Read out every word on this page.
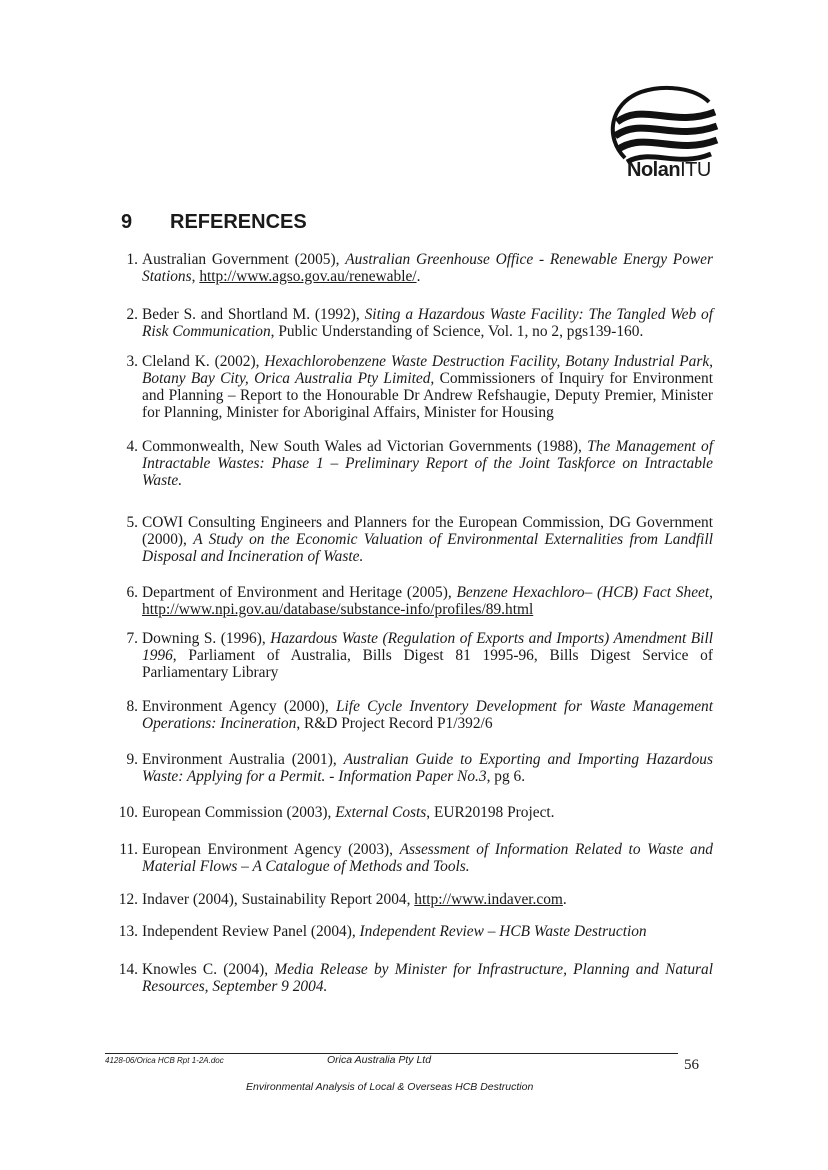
NolanITU
9 REFERENCES
1. Australian Government (2005), Australian Greenhouse Office - Renewable Energy Power Stations, http://www.agso.gov.au/renewable/.
2. Beder S. and Shortland M. (1992), Siting a Hazardous Waste Facility: The Tangled Web of Risk Communication, Public Understanding of Science, Vol. 1, no 2, pgs139-160.
3. Cleland K. (2002), Hexachlorobenzene Waste Destruction Facility, Botany Industrial Park, Botany Bay City, Orica Australia Pty Limited, Commissioners of Inquiry for Environment and Planning – Report to the Honourable Dr Andrew Refshaugie, Deputy Premier, Minister for Planning, Minister for Aboriginal Affairs, Minister for Housing
4. Commonwealth, New South Wales ad Victorian Governments (1988), The Management of Intractable Wastes: Phase 1 – Preliminary Report of the Joint Taskforce on Intractable Waste.
5. COWI Consulting Engineers and Planners for the European Commission, DG Government (2000), A Study on the Economic Valuation of Environmental Externalities from Landfill Disposal and Incineration of Waste.
6. Department of Environment and Heritage (2005), Benzene Hexachloro– (HCB) Fact Sheet, http://www.npi.gov.au/database/substance-info/profiles/89.html
7. Downing S. (1996), Hazardous Waste (Regulation of Exports and Imports) Amendment Bill 1996, Parliament of Australia, Bills Digest 81 1995-96, Bills Digest Service of Parliamentary Library
8. Environment Agency (2000), Life Cycle Inventory Development for Waste Management Operations: Incineration, R&D Project Record P1/392/6
9. Environment Australia (2001), Australian Guide to Exporting and Importing Hazardous Waste: Applying for a Permit. - Information Paper No.3, pg 6.
10. European Commission (2003), External Costs, EUR20198 Project.
11. European Environment Agency (2003), Assessment of Information Related to Waste and Material Flows – A Catalogue of Methods and Tools.
12. Indaver (2004), Sustainability Report 2004, http://www.indaver.com.
13. Independent Review Panel (2004), Independent Review – HCB Waste Destruction
14. Knowles C. (2004), Media Release by Minister for Infrastructure, Planning and Natural Resources, September 9 2004.
4128-06/Orica HCB Rpt 1-2A.doc	Orica Australia Pty Ltd	56
Environmental Analysis of Local & Overseas HCB Destruction
